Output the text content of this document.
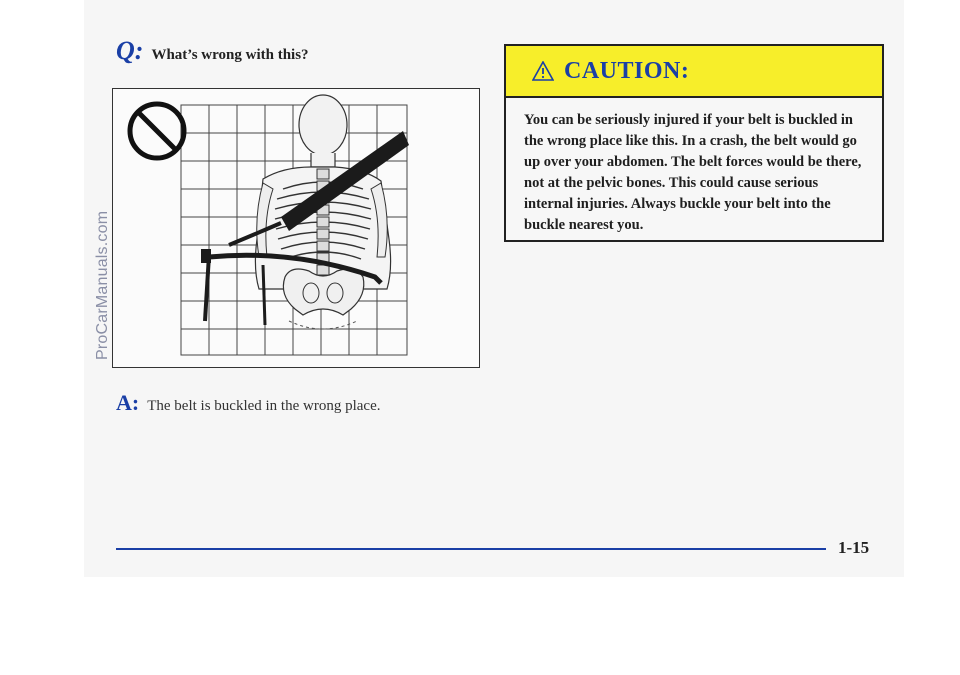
Q: What’s wrong with this?
ProCarManuals.com
A: The belt is buckled in the wrong place.
CAUTION:
You can be seriously injured if your belt is buckled in the wrong place like this. In a crash, the belt would go up over your abdomen. The belt forces would be there, not at the pelvic bones. This could cause serious internal injuries. Always buckle your belt into the buckle nearest you.
1-15
